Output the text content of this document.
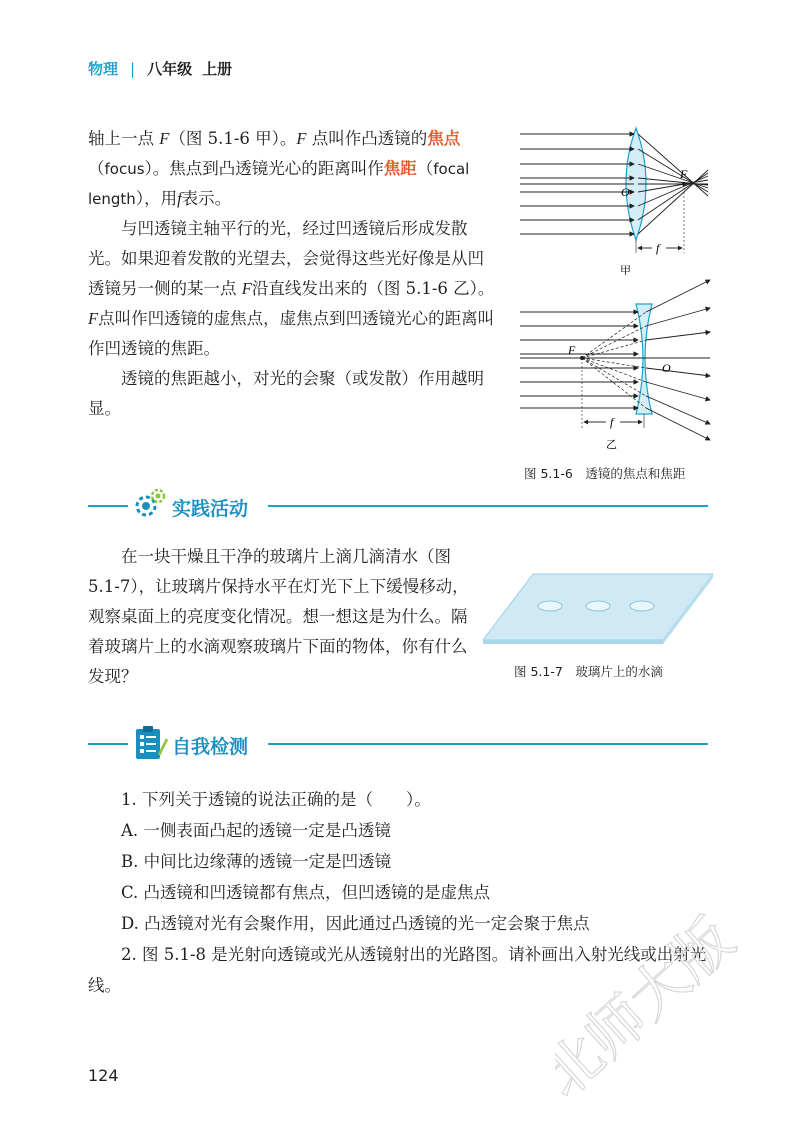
物理 | 八年级 上册

轴上一点 F（图 5.1-6 甲）。F 点叫作凸透镜的焦点（focus）。焦点到凸透镜光心的距离叫作焦距（focal length），用f表示。

与凹透镜主轴平行的光，经过凹透镜后形成发散光。如果迎着发散的光望去，会觉得这些光好像是从凹透镜另一侧的某一点 F沿直线发出来的（图 5.1-6 乙）。F点叫作凹透镜的虚焦点，虚焦点到凹透镜光心的距离叫作凹透镜的焦距。

透镜的焦距越小，对光的会聚（或发散）作用越明显。

O
F
f
甲
F
O
f
乙
图 5.1-6　透镜的焦点和焦距
实践活动

在一块干燥且干净的玻璃片上滴几滴清水（图 5.1-7），让玻璃片保持水平在灯光下上下缓慢移动，观察桌面上的亮度变化情况。想一想这是为什么。隔着玻璃片上的水滴观察玻璃片下面的物体，你有什么发现？	图 5.1-7　玻璃片上的水滴
自我检测

1. 下列关于透镜的说法正确的是（　　）。

A. 一侧表面凸起的透镜一定是凸透镜

B. 中间比边缘薄的透镜一定是凹透镜

C. 凸透镜和凹透镜都有焦点，但凹透镜的是虚焦点

D. 凸透镜对光有会聚作用，因此通过凸透镜的光一定会聚于焦点

2. 图 5.1-8 是光射向透镜或光从透镜射出的光路图。请补画出入射光线或出射光线。

124	北师大版
